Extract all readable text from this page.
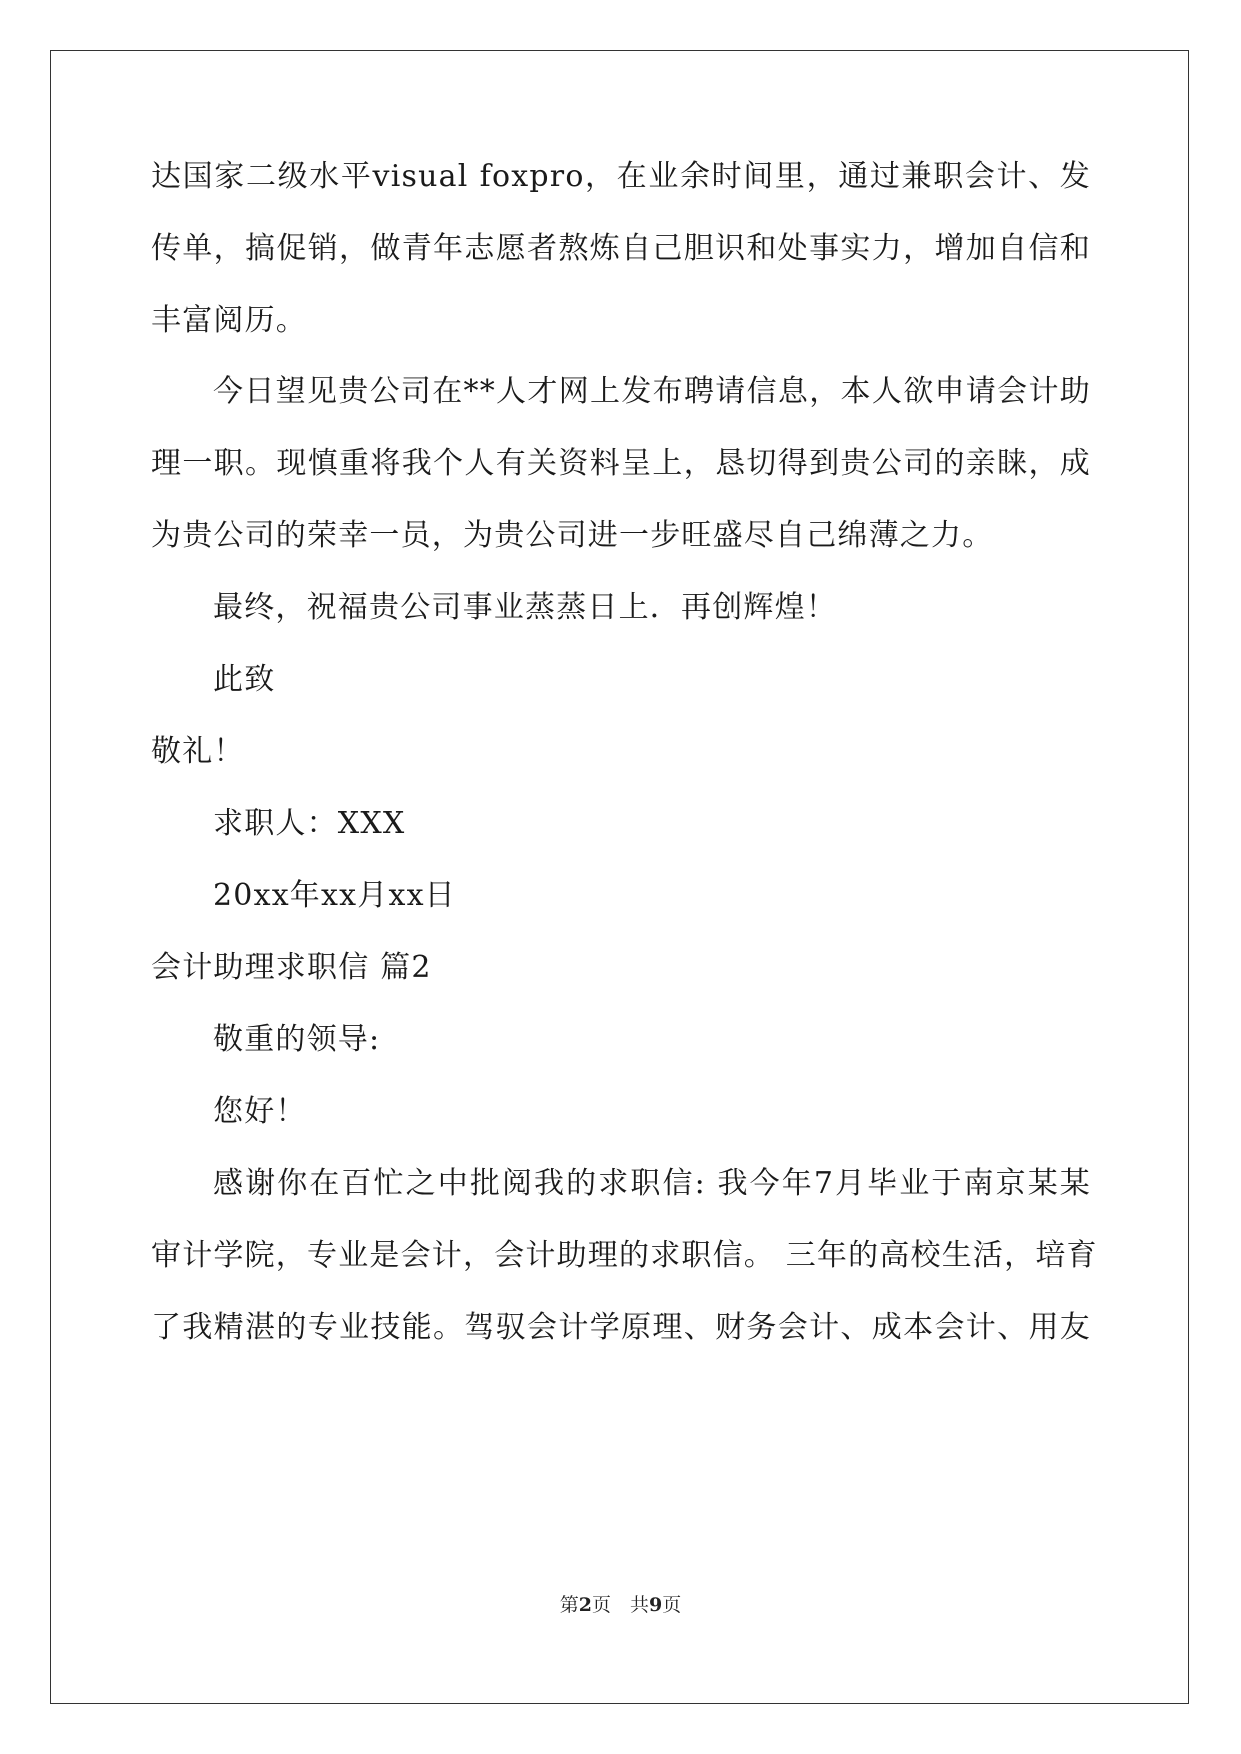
达国家二级水平visual foxpro，在业余时间里，通过兼职会计、发
传单，搞促销，做青年志愿者熬炼自己胆识和处事实力，增加自信和
丰富阅历。
今日望见贵公司在**人才网上发布聘请信息，本人欲申请会计助
理一职。现慎重将我个人有关资料呈上，恳切得到贵公司的亲睐，成
为贵公司的荣幸一员，为贵公司进一步旺盛尽自己绵薄之力。
最终，祝福贵公司事业蒸蒸日上．再创辉煌！
此致
敬礼！
求职人：XXX
20xx年xx月xx日
会计助理求职信 篇2
敬重的领导:
您好！
感谢你在百忙之中批阅我的求职信: 我今年7月毕业于南京某某
审计学院，专业是会计，会计助理的求职信。 三年的高校生活，培育
了我精湛的专业技能。驾驭会计学原理、财务会计、成本会计、用友
第2页　共9页
